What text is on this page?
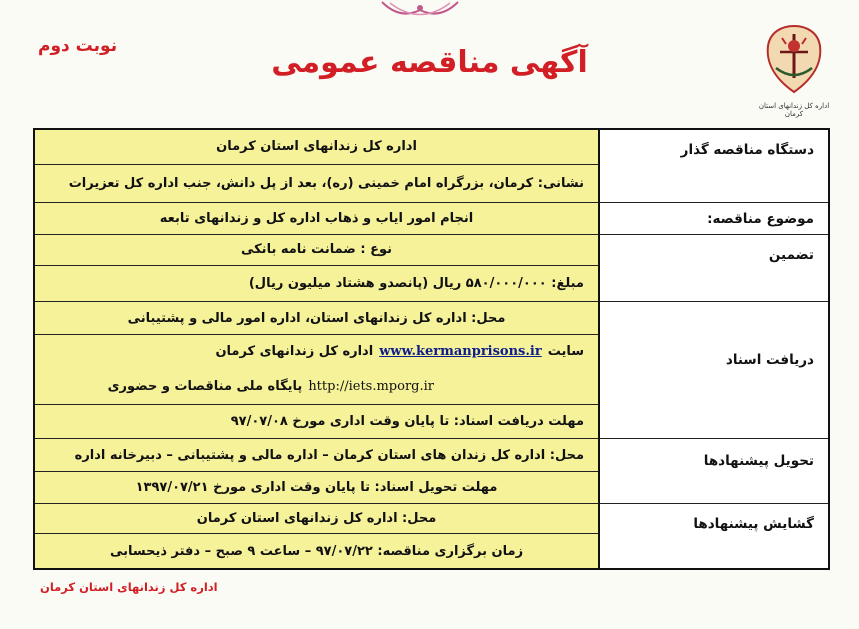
اداره کل زندانهای استان کرمان
نوبت دوم	آگهی مناقصه عمومی
دستگاه مناقصه گذار
موضوع مناقصه:
تضمین
دریافت اسناد
تحویل پیشنهادها
گشایش پیشنهادها
اداره کل زندانهای استان کرمان
نشانی: کرمان، بزرگراه امام خمینی (ره)، بعد از پل دانش، جنب اداره کل تعزیرات
انجام امور ایاب و ذهاب اداره کل و زندانهای تابعه
نوع : ضمانت نامه بانکی
مبلغ: ۵۸۰/۰۰۰/۰۰۰ ریال (پانصدو هشتاد میلیون ریال)
محل: اداره کل زندانهای استان، اداره امور مالی و پشتیبانی
سایت
www.kermanprisons.ir
اداره کل زندانهای کرمان
http://iets.mporg.ir
پایگاه ملی مناقصات و حضوری
مهلت دریافت اسناد: تا پایان وقت اداری مورخ ۹۷/۰۷/۰۸
محل: اداره کل زندان های استان کرمان – اداره مالی و پشتیبانی – دبیرخانه اداره
مهلت تحویل اسناد: تا پایان وقت اداری مورخ ۱۳۹۷/۰۷/۲۱
محل: اداره کل زندانهای استان کرمان
زمان برگزاری مناقصه: ۹۷/۰۷/۲۲ – ساعت ۹ صبح – دفتر ذیحسابی
اداره کل زندانهای استان کرمان
